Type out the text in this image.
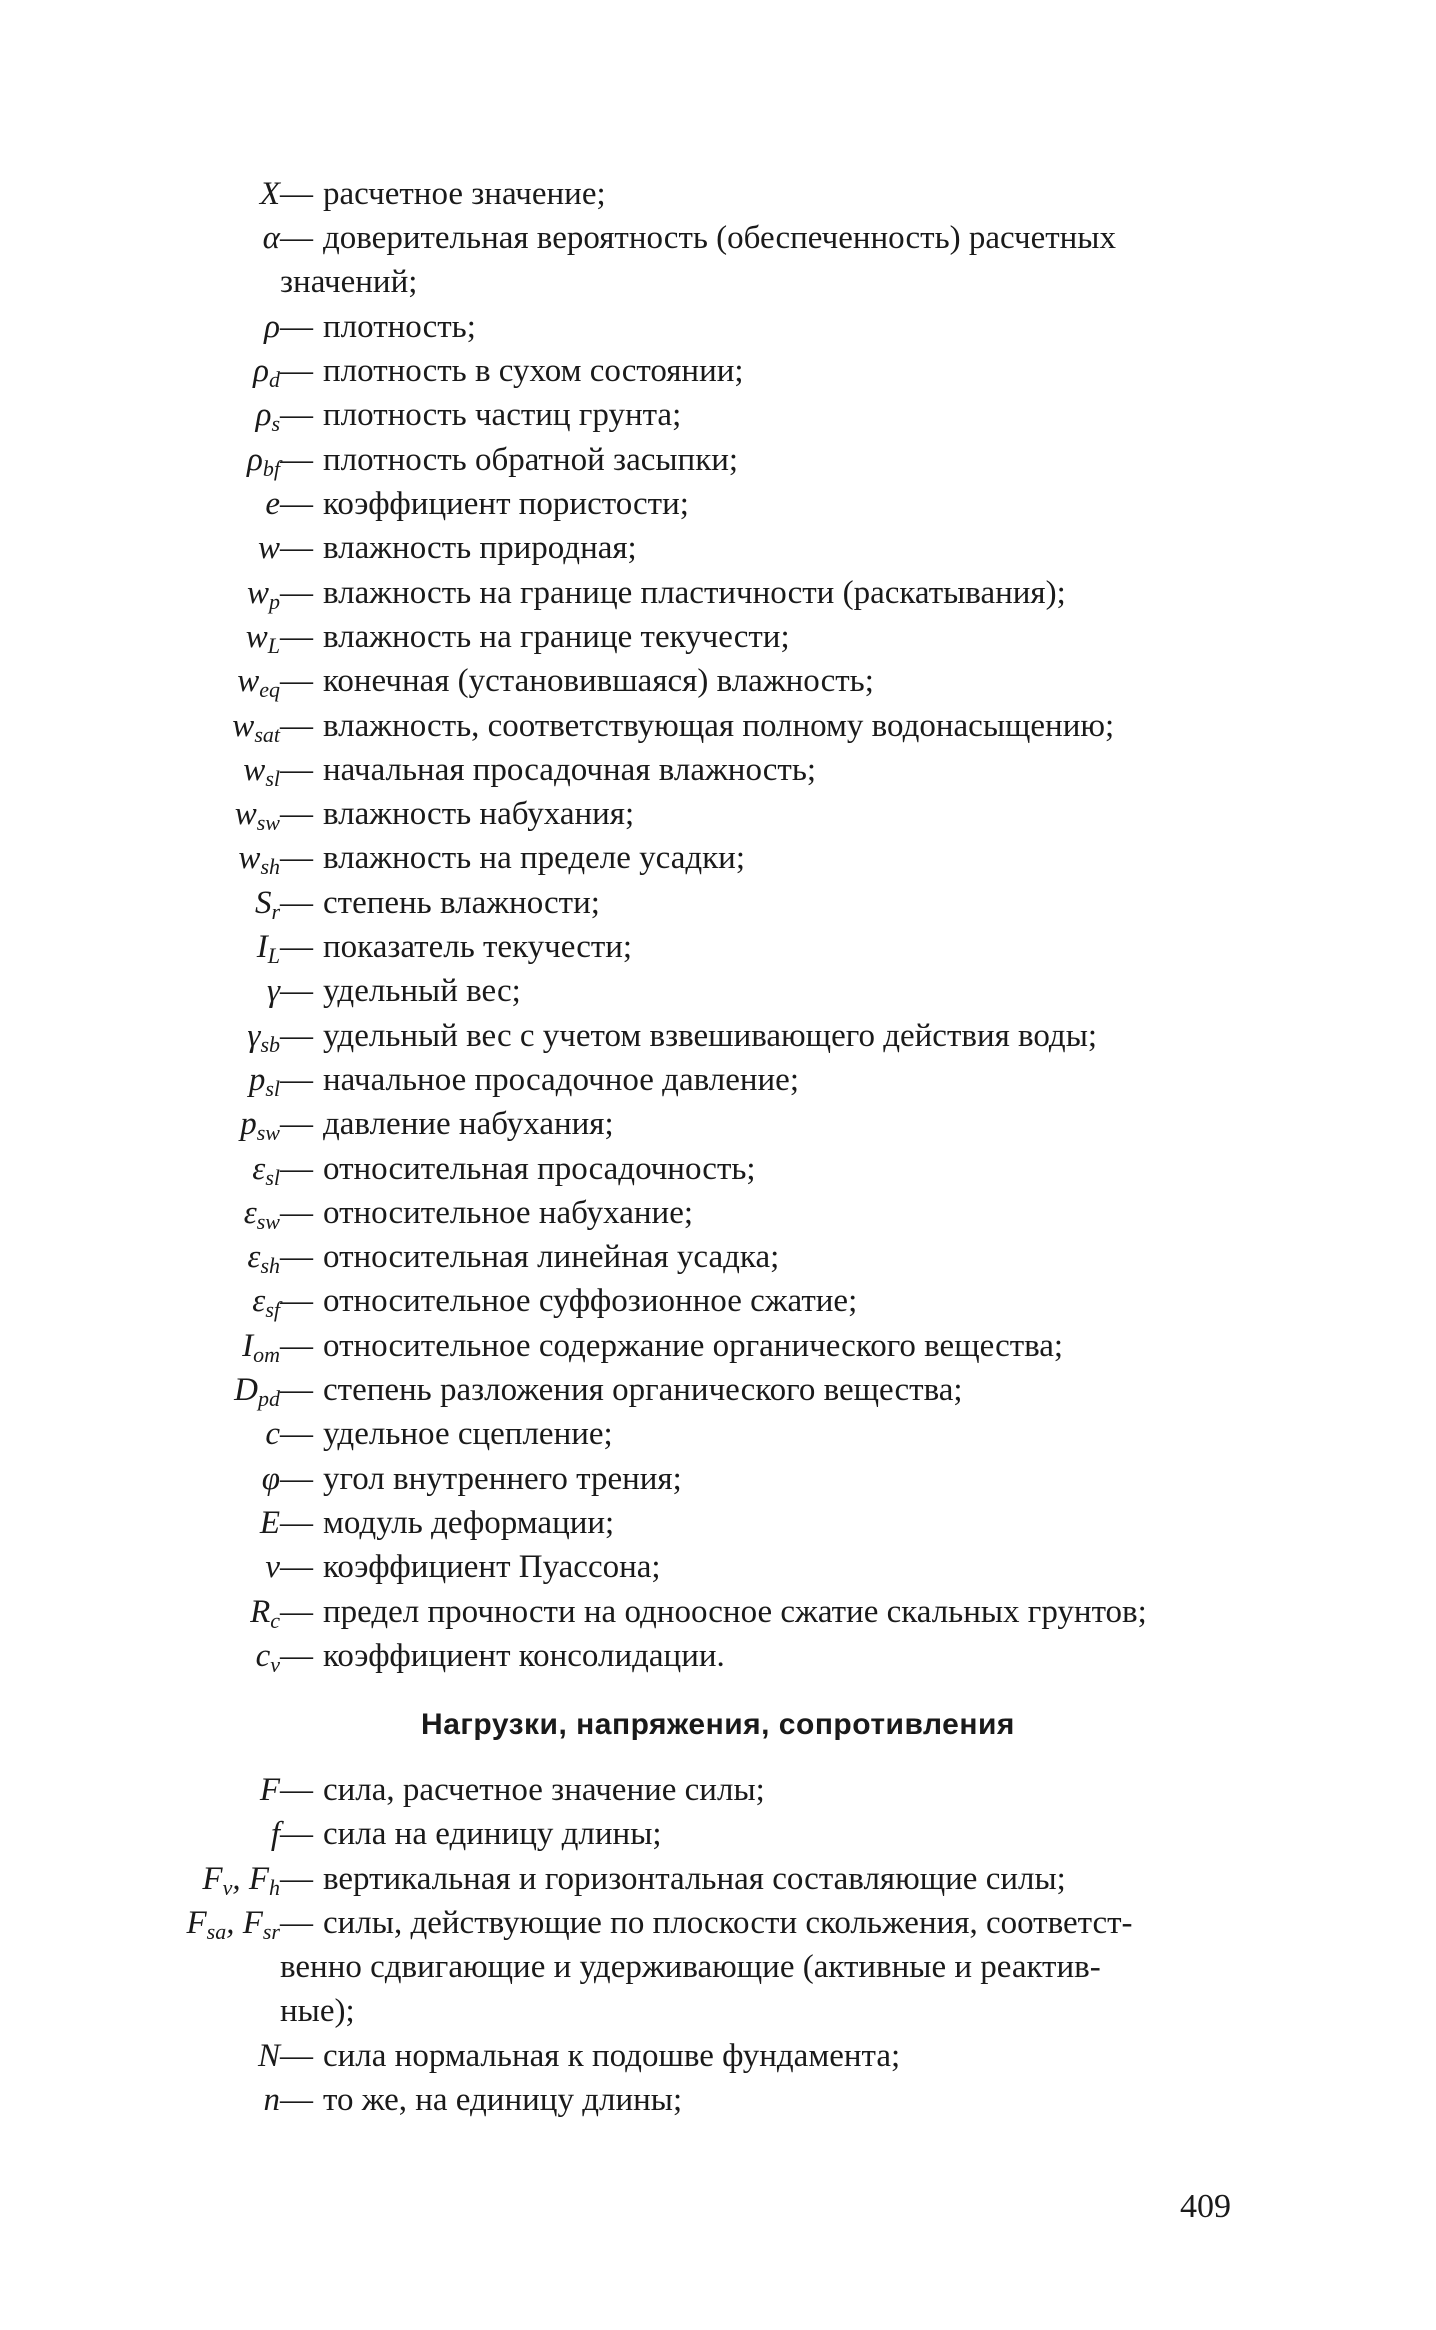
X — расчетное значение;
α — доверительная вероятность (обеспеченность) расчетных
значений;
ρ — плотность;
$\rho_d$ — плотность в сухом состоянии;
$\rho_s$ — плотность частиц грунта;
$\rho_{bf}$ — плотность обратной засыпки;
e — коэффициент пористости;
w — влажность природная;
$w_p$ — влажность на границе пластичности (раскатывания);
$w_L$ — влажность на границе текучести;
$w_{eq}$ — конечная (установившаяся) влажность;
$w_{sat}$ — влажность, соответствующая полному водонасыщению;
$w_{sl}$ — начальная просадочная влажность;
$w_{sw}$ — влажность набухания;
$w_{sh}$ — влажность на пределе усадки;
$S_r$ — степень влажности;
$I_L$ — показатель текучести;
γ — удельный вес;
$\gamma_{sb}$ — удельный вес с учетом взвешивающего действия воды;
$p_{sl}$ — начальное просадочное давление;
$p_{sw}$ — давление набухания;
$\varepsilon_{sl}$ — относительная просадочность;
$\varepsilon_{sw}$ — относительное набухание;
$\varepsilon_{sh}$ — относительная линейная усадка;
$\varepsilon_{sf}$ — относительное суффозионное сжатие;
$I_{om}$ — относительное содержание органического вещества;
$D_{pd}$ — степень разложения органического вещества;
c — удельное сцепление;
φ — угол внутреннего трения;
E — модуль деформации;
ν — коэффициент Пуассона;
$R_c$ — предел прочности на одноосное сжатие скальных грунтов;
$c_v$ — коэффициент консолидации.
Нагрузки, напряжения, сопротивления
F — сила, расчетное значение силы;
f — сила на единицу длины;
$F_v$, $F_h$ — вертикальная и горизонтальная составляющие силы;
$F_{sa}$, $F_{sr}$ — силы, действующие по плоскости скольжения, соответст-
венно сдвигающие и удерживающие (активные и реактив-
ные);
N — сила нормальная к подошве фундамента;
n — то же, на единицу длины;
409
